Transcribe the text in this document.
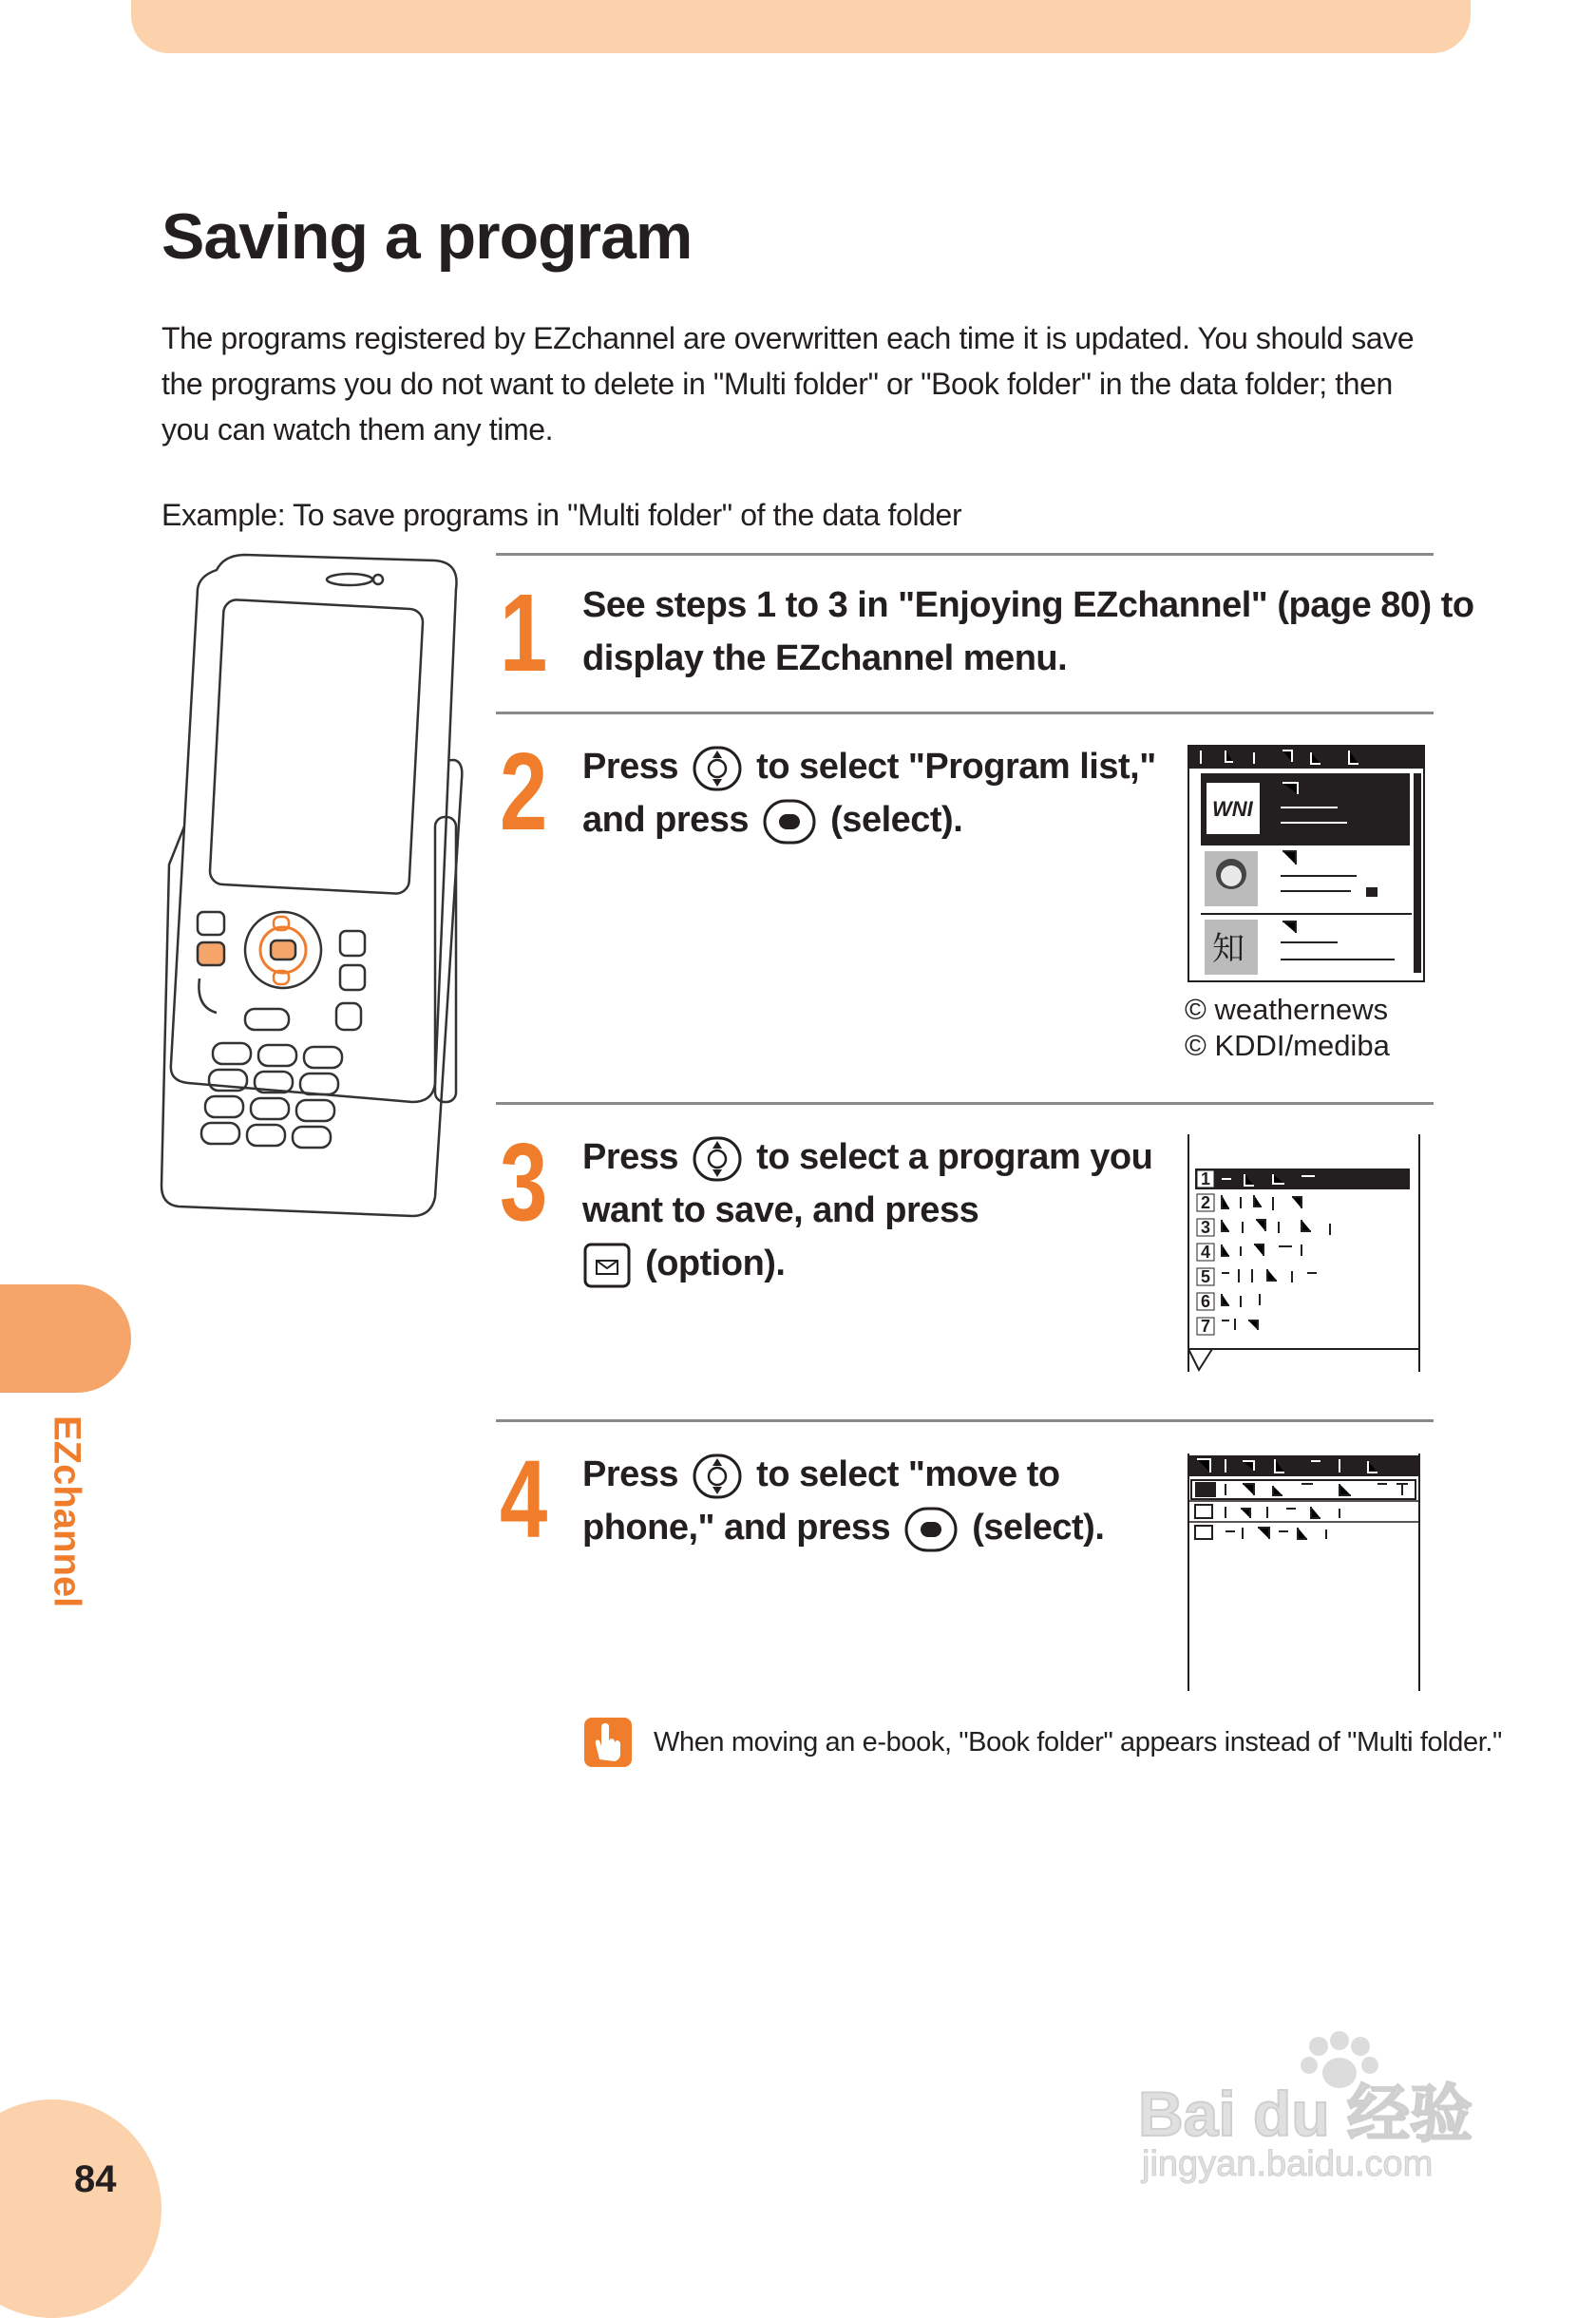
EZchannel
84
Saving a program

The programs registered by EZchannel are overwritten each time it is updated. You should save the programs you do not want to delete in "Multi folder" or "Book folder" in the data folder; then you can watch them any time.

Example: To save programs in "Multi folder" of the data folder

1 See steps 1 to 3 in "Enjoying EZchannel" (page 80) to
display the EZchannel menu.
2 Press to select "Program list,"
and press (select).	WNI
知
© weathernews
© KDDI/mediba
3 Press to select a program you
want to save, and press
(option).
1
2
3
4
5
6
7
4 Press to select "move to
phone," and press (select).
When moving an e-book, "Book folder" appears instead of "Multi folder."
Bai du 经验
jingyan.baidu.com
